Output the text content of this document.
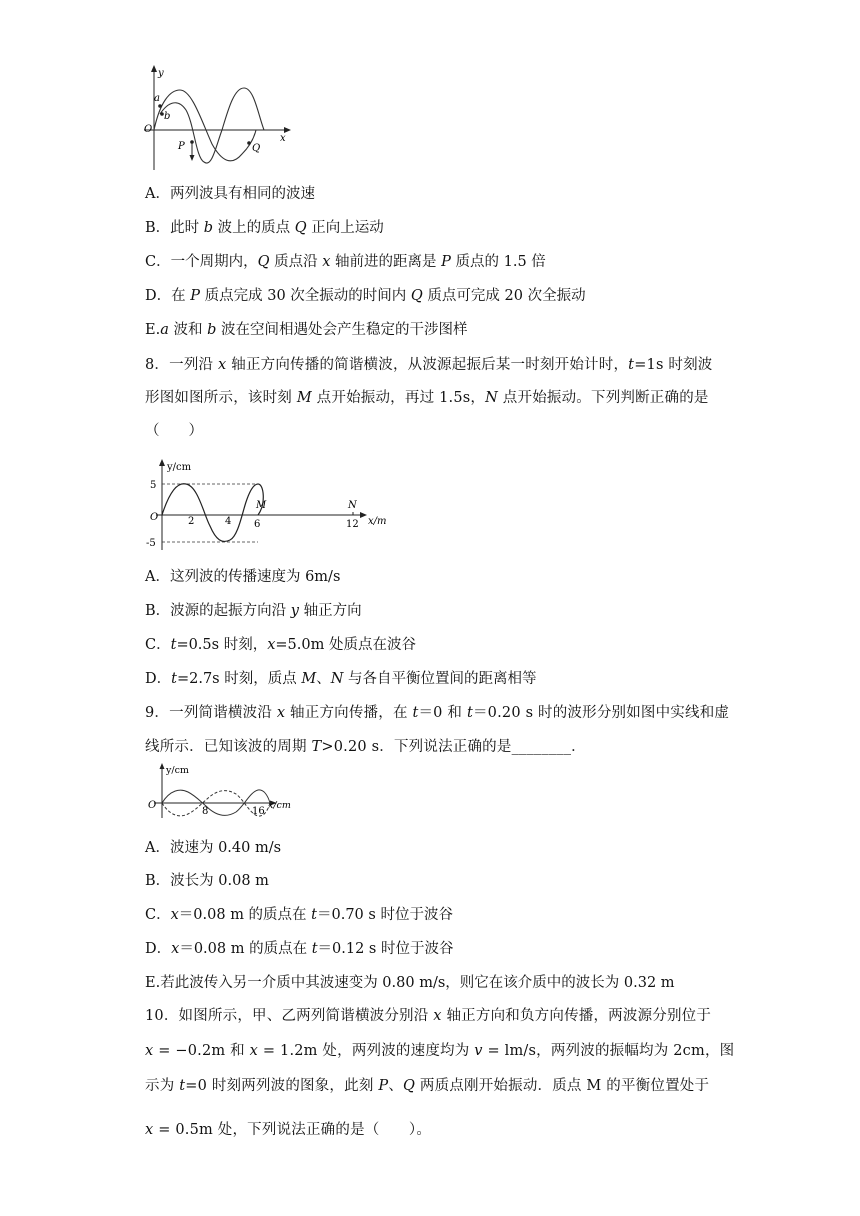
y
x
O
a
b
P	Q
A．两列波具有相同的波速
B．此时 b 波上的质点 Q 正向上运动
C．一个周期内，Q 质点沿 x 轴前进的距离是 P 质点的 1.5 倍
D．在 P 质点完成 30 次全振动的时间内 Q 质点可完成 20 次全振动
E.a 波和 b 波在空间相遇处会产生稳定的干涉图样
8．一列沿 x 轴正方向传播的简谐横波，从波源起振后某一时刻开始计时，t=1s 时刻波
形图如图所示，该时刻 M 点开始振动，再过 1.5s，N 点开始振动。下列判断正确的是
（　　）
y/cm
x/m
O
5
-5
2	4 6
M	N
12
A．这列波的传播速度为 6m/s
B．波源的起振方向沿 y 轴正方向
C．t=0.5s 时刻，x=5.0m 处质点在波谷
D．t=2.7s 时刻，质点 M、N 与各自平衡位置间的距离相等
9．一列简谐横波沿 x 轴正方向传播，在 t＝0 和 t＝0.20 s 时的波形分别如图中实线和虚
线所示．已知该波的周期 T>0.20 s．下列说法正确的是________．
y/cm
x/cm
O
8	16
A．波速为 0.40 m/s
B．波长为 0.08 m
C．x＝0.08 m 的质点在 t＝0.70 s 时位于波谷
D．x＝0.08 m 的质点在 t＝0.12 s 时位于波谷
E.若此波传入另一介质中其波速变为 0.80 m/s，则它在该介质中的波长为 0.32 m
10．如图所示，甲、乙两列简谐横波分别沿 x 轴正方向和负方向传播，两波源分别位于
x = −0.2m 和 x = 1.2m 处，两列波的速度均为 v = lm/s，两列波的振幅均为 2cm，图
示为 t=0 时刻两列波的图象，此刻 P、Q 两质点刚开始振动．质点 M 的平衡位置处于
x = 0.5m 处，下列说法正确的是（　　）。
